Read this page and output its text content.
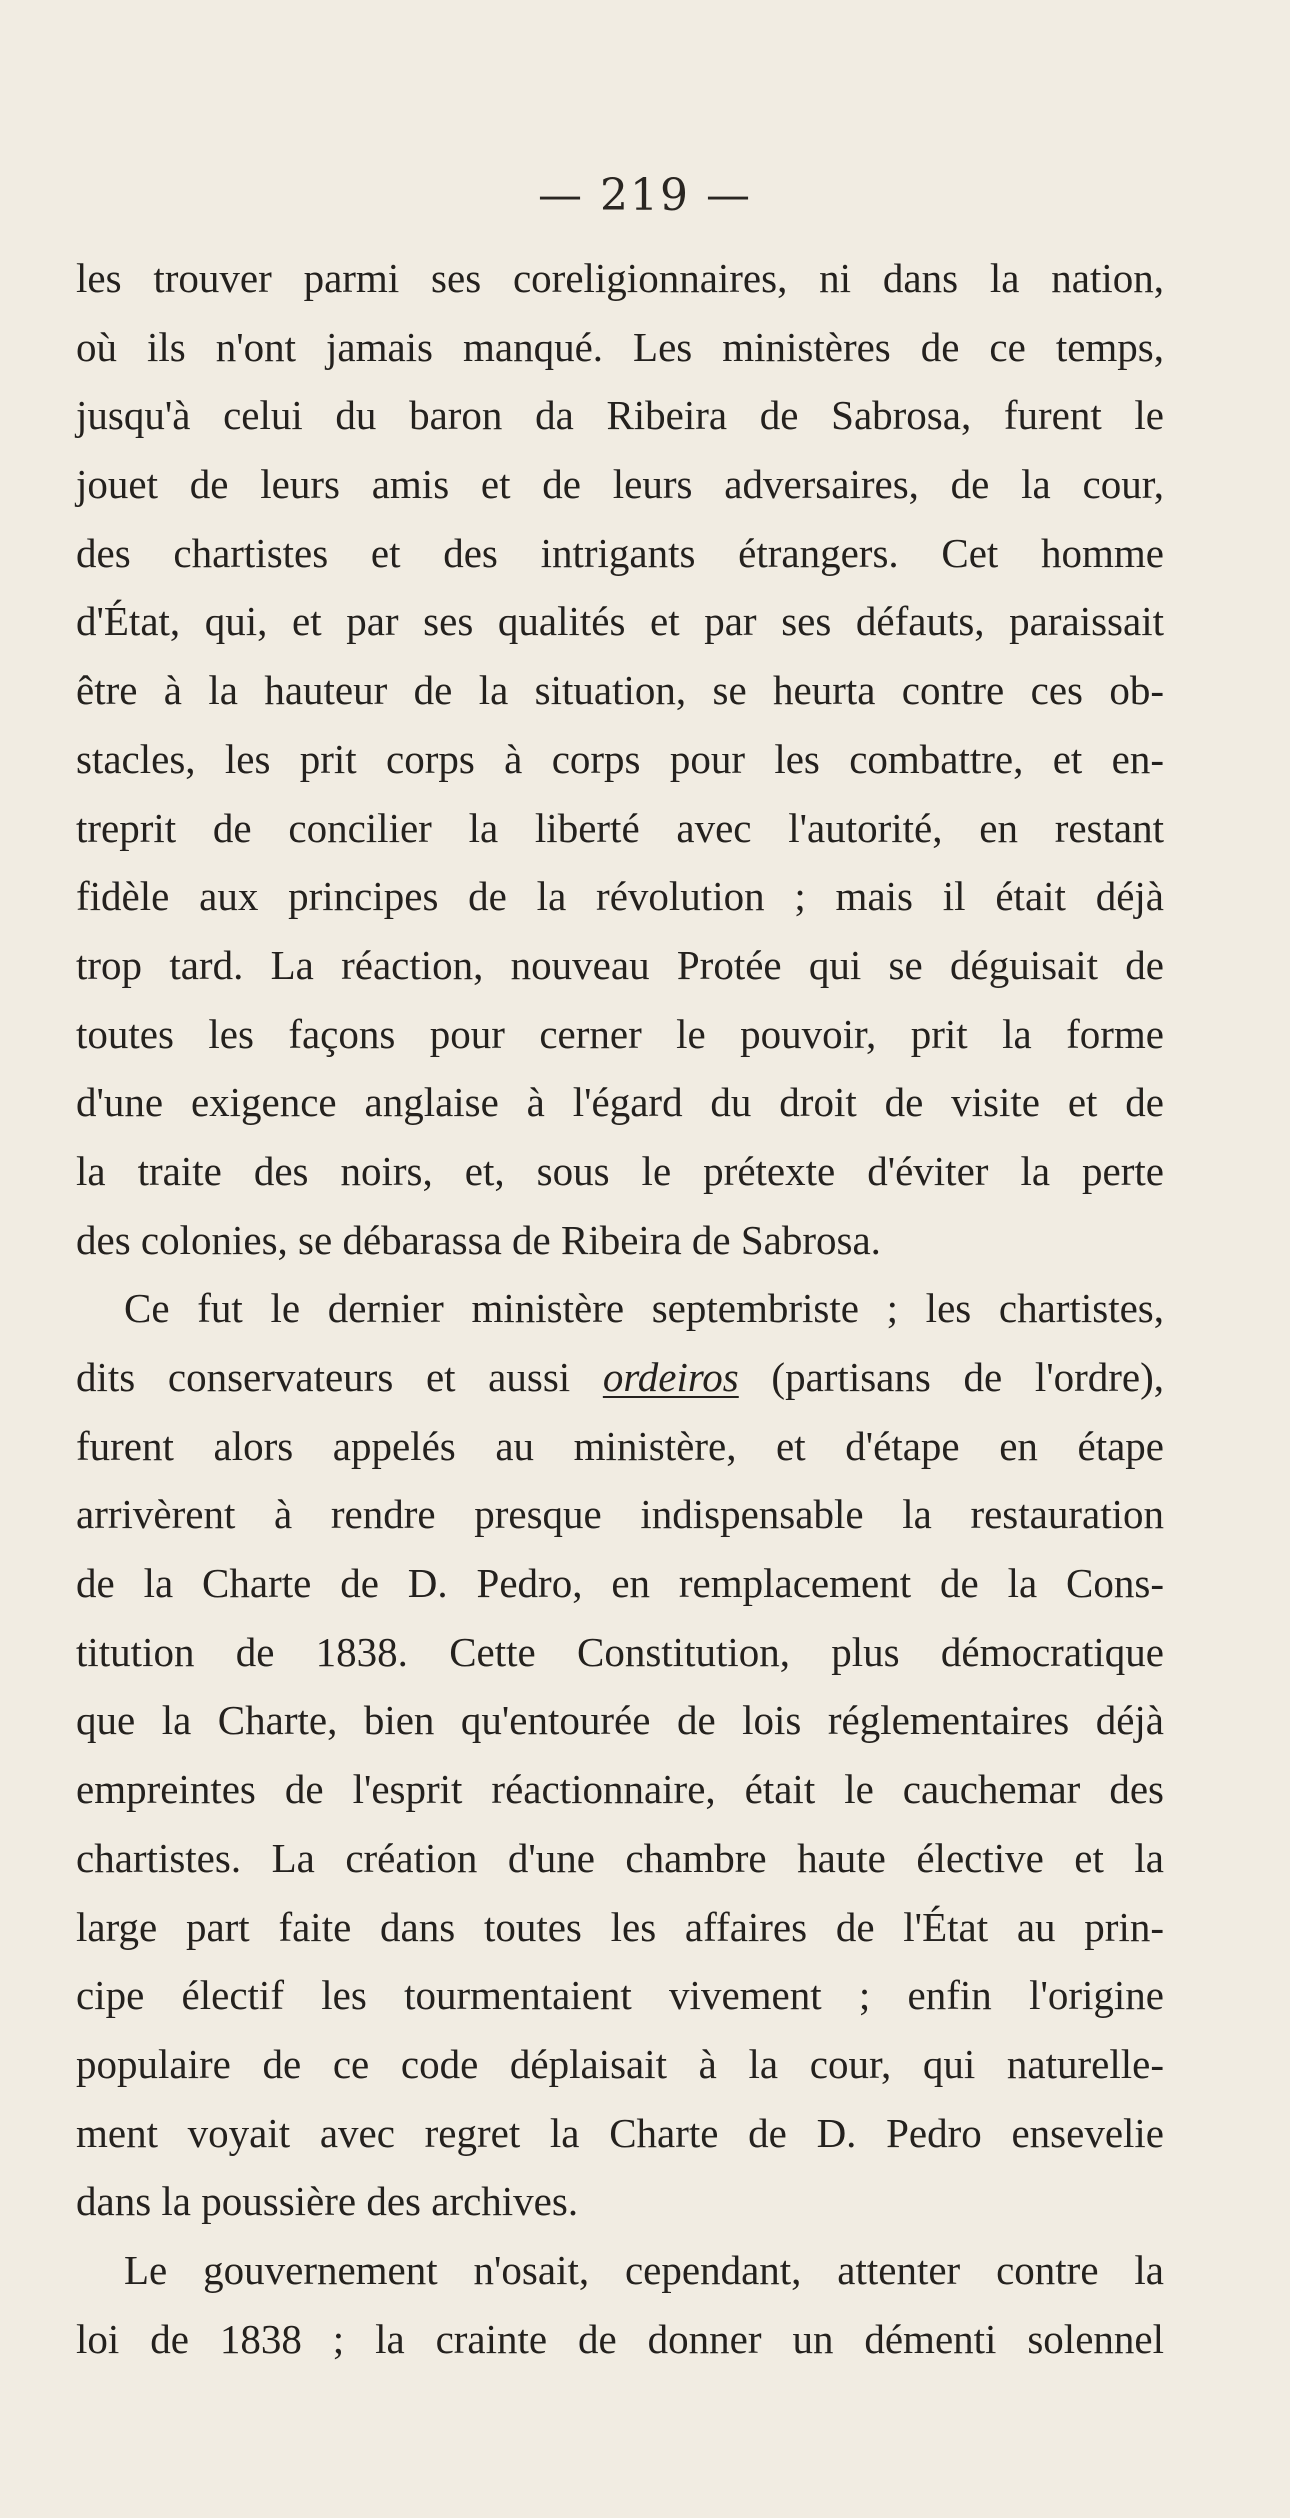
— 219 —
les trouver parmi ses coreligionnaires, ni dans la nation,
où ils n'ont jamais manqué. Les ministères de ce temps,
jusqu'à celui du baron da Ribeira de Sabrosa, furent le
jouet de leurs amis et de leurs adversaires, de la cour,
des chartistes et des intrigants étrangers. Cet homme
d'État, qui, et par ses qualités et par ses défauts, paraissait
être à la hauteur de la situation, se heurta contre ces ob-
stacles, les prit corps à corps pour les combattre, et en-
treprit de concilier la liberté avec l'autorité, en restant
fidèle aux principes de la révolution ; mais il était déjà
trop tard. La réaction, nouveau Protée qui se déguisait de
toutes les façons pour cerner le pouvoir, prit la forme
d'une exigence anglaise à l'égard du droit de visite et de
la traite des noirs, et, sous le prétexte d'éviter la perte
des colonies, se débarassa de Ribeira de Sabrosa.
Ce fut le dernier ministère septembriste ; les chartistes,
dits conservateurs et aussi ordeiros (partisans de l'ordre),
furent alors appelés au ministère, et d'étape en étape
arrivèrent à rendre presque indispensable la restauration
de la Charte de D. Pedro, en remplacement de la Cons-
titution de 1838. Cette Constitution, plus démocratique
que la Charte, bien qu'entourée de lois réglementaires déjà
empreintes de l'esprit réactionnaire, était le cauchemar des
chartistes. La création d'une chambre haute élective et la
large part faite dans toutes les affaires de l'État au prin-
cipe électif les tourmentaient vivement ; enfin l'origine
populaire de ce code déplaisait à la cour, qui naturelle-
ment voyait avec regret la Charte de D. Pedro ensevelie
dans la poussière des archives.
Le gouvernement n'osait, cependant, attenter contre la
loi de 1838 ; la crainte de donner un démenti solennel
